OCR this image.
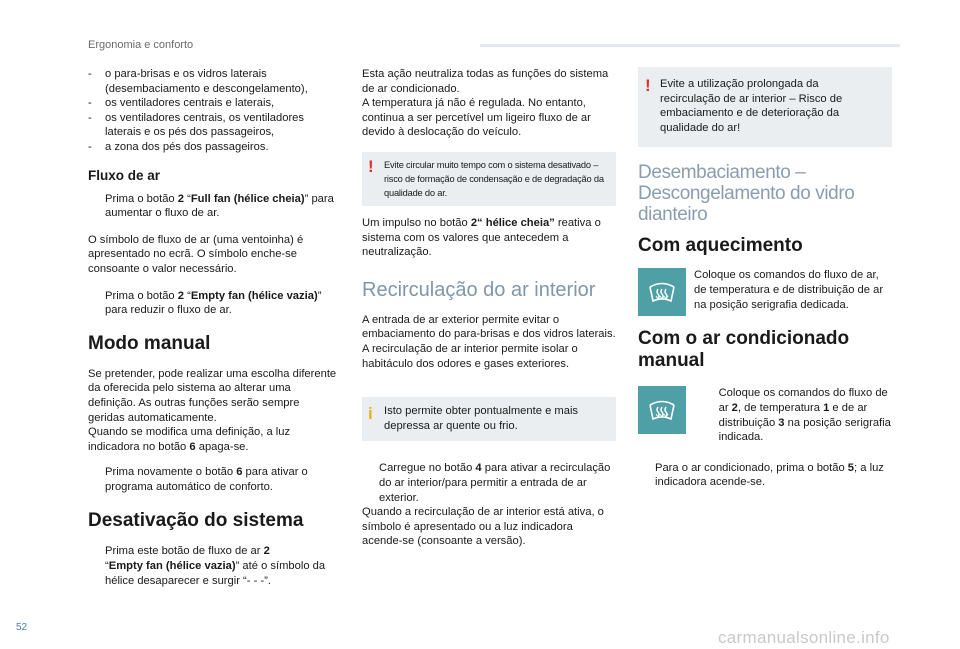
Ergonomia e conforto
-	o para-brisas e os vidros laterais (desembaciamento e descongelamento),
-	os ventiladores centrais e laterais,
-	os ventiladores centrais, os ventiladores laterais e os pés dos passageiros,
-	a zona dos pés dos passageiros.
Fluxo de ar
Prima o botão 2 “Full fan (hélice cheia)” para aumentar o fluxo de ar.

O símbolo de fluxo de ar (uma ventoinha) é apresentado no ecrã. O símbolo enche-se consoante o valor necessário.

Prima o botão 2 “Empty fan (hélice vazia)” para reduzir o fluxo de ar.
Modo manual

Se pretender, pode realizar uma escolha diferente da oferecida pelo sistema ao alterar uma definição. As outras funções serão sempre geridas automaticamente.

Quando se modifica uma definição, a luz indicadora no botão 6 apaga-se.

Prima novamente o botão 6 para ativar o programa automático de conforto.
Desativação do sistema
Prima este botão de fluxo de ar 2
“Empty fan (hélice vazia)” até o símbolo da hélice desaparecer e surgir “- - -”.

Esta ação neutraliza todas as funções do sistema de ar condicionado.

A temperatura já não é regulada. No entanto, continua a ser percetível um ligeiro fluxo de ar devido à deslocação do veículo.

! Evite circular muito tempo com o sistema desativado – risco de formação de condensação e de degradação da qualidade do ar.

Um impulso no botão 2“ hélice cheia” reativa o sistema com os valores que antecedem a neutralização.

Recirculação do ar interior

A entrada de ar exterior permite evitar o embaciamento do para-brisas e dos vidros laterais.

A recirculação de ar interior permite isolar o habitáculo dos odores e gases exteriores.

i Isto permite obter pontualmente e mais depressa ar quente ou frio.

Carregue no botão 4 para ativar a recirculação do ar interior/para permitir a entrada de ar exterior.

Quando a recirculação de ar interior está ativa, o símbolo é apresentado ou a luz indicadora acende-se (consoante a versão).

! Evite a utilização prolongada da recirculação de ar interior – Risco de embaciamento e de deterioração da qualidade do ar!

Desembaciamento –
Descongelamento do vidro dianteiro
Com aquecimento

Coloque os comandos do fluxo de ar, de temperatura e de distribuição de ar na posição serigrafia dedicada.

Com o ar condicionado
manual
Coloque os comandos do fluxo de ar 2, de temperatura 1 e de ar distribuição 3 na posição serigrafia indicada.
Para o ar condicionado, prima o botão 5; a luz indicadora acende-se.
52
carmanualsonline.info
